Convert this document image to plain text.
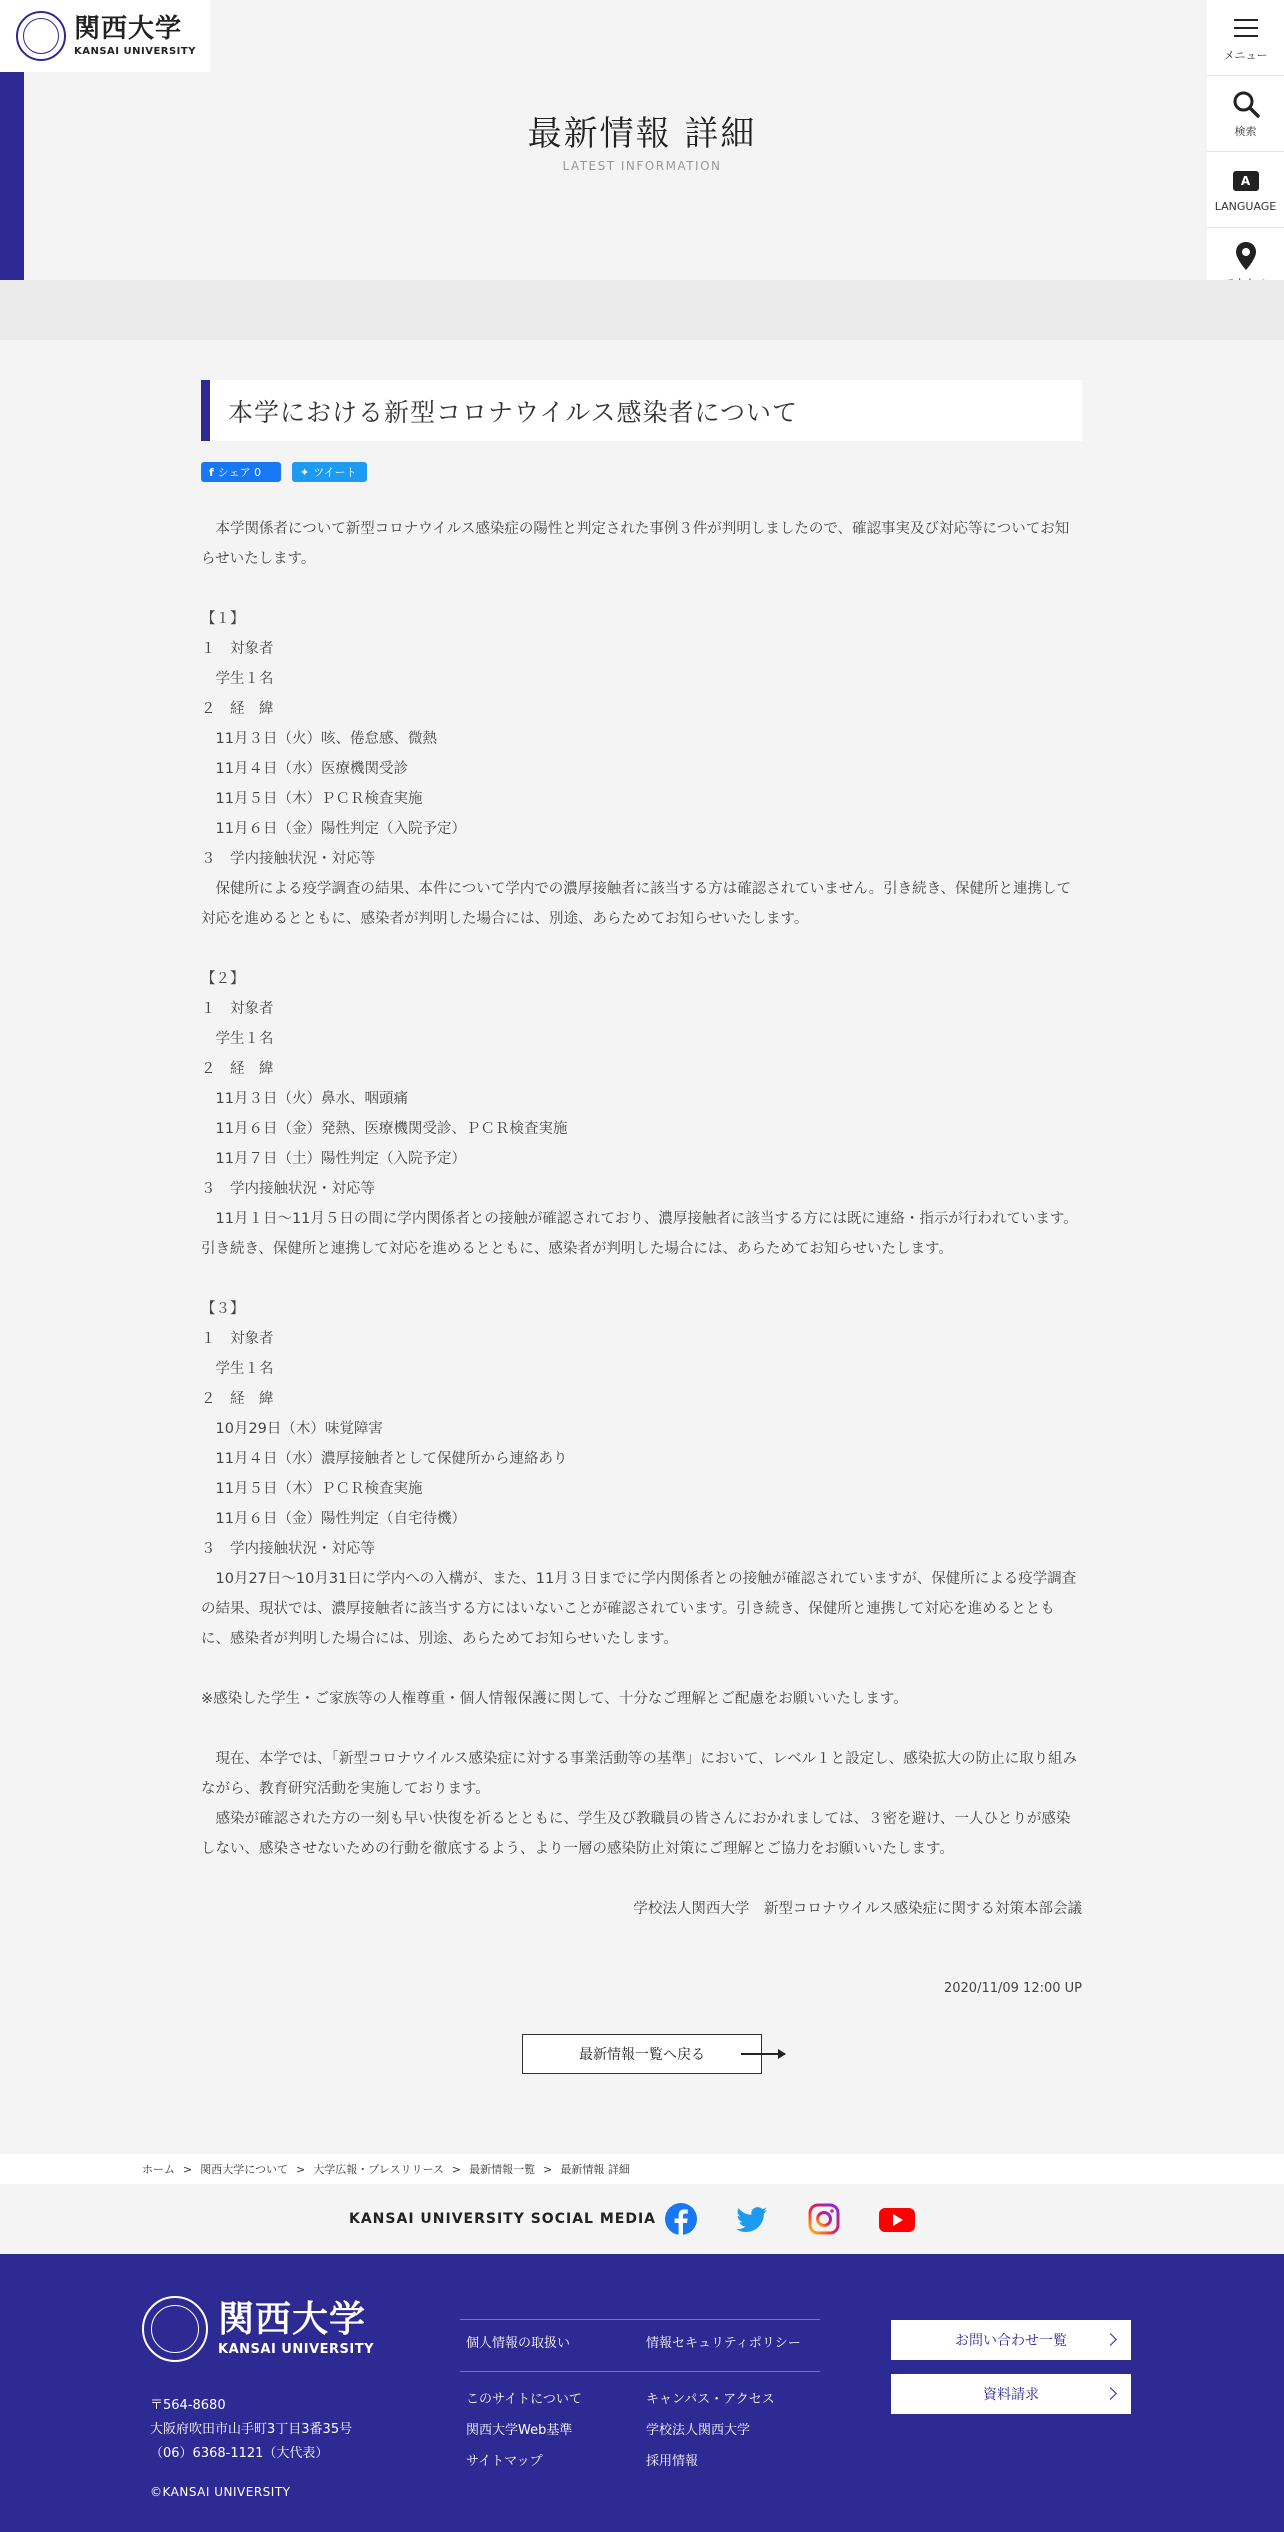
関西大学
KANSAI UNIVERSITY
最新情報 詳細
LATEST INFORMATION
メニュー
検索
A
LANGUAGE
本学における新型コロナウイルス感染者について
f シェア 0	✦ ツイート

　本学関係者について新型コロナウイルス感染症の陽性と判定された事例３件が判明しましたので、確認事実及び対応等についてお知らせいたします。

【１】

１　対象者

　学生１名

２　経　緯

　11月３日（火）咳、倦怠感、微熱

　11月４日（水）医療機関受診

　11月５日（木）ＰＣＲ検査実施

　11月６日（金）陽性判定（入院予定）

３　学内接触状況・対応等

　保健所による疫学調査の結果、本件について学内での濃厚接触者に該当する方は確認されていません。引き続き、保健所と連携して対応を進めるとともに、感染者が判明した場合には、別途、あらためてお知らせいたします。

【２】

１　対象者

　学生１名

２　経　緯

　11月３日（火）鼻水、咽頭痛

　11月６日（金）発熱、医療機関受診、ＰＣＲ検査実施

　11月７日（土）陽性判定（入院予定）

３　学内接触状況・対応等

　11月１日～11月５日の間に学内関係者との接触が確認されており、濃厚接触者に該当する方には既に連絡・指示が行われています。引き続き、保健所と連携して対応を進めるとともに、感染者が判明した場合には、あらためてお知らせいたします。

【３】

１　対象者

　学生１名

２　経　緯

　10月29日（木）味覚障害

　11月４日（水）濃厚接触者として保健所から連絡あり

　11月５日（木）ＰＣＲ検査実施

　11月６日（金）陽性判定（自宅待機）

３　学内接触状況・対応等

　10月27日～10月31日に学内への入構が、また、11月３日までに学内関係者との接触が確認されていますが、保健所による疫学調査の結果、現状では、濃厚接触者に該当する方にはいないことが確認されています。引き続き、保健所と連携して対応を進めるとともに、感染者が判明した場合には、別途、あらためてお知らせいたします。

※感染した学生・ご家族等の人権尊重・個人情報保護に関して、十分なご理解とご配慮をお願いいたします。

　現在、本学では、「新型コロナウイルス感染症に対する事業活動等の基準」において、レベル１と設定し、感染拡大の防止に取り組みながら、教育研究活動を実施しております。

　感染が確認された方の一刻も早い快復を祈るとともに、学生及び教職員の皆さんにおかれましては、３密を避け、一人ひとりが感染しない、感染させないための行動を徹底するよう、より一層の感染防止対策にご理解とご協力をお願いいたします。

学校法人関西大学　新型コロナウイルス感染症に関する対策本部会議

2020/11/09 12:00 UP

最新情報一覧へ戻る
ホーム > 関西大学について > 大学広報・プレスリリース > 最新情報一覧 > 最新情報 詳細
KANSAI UNIVERSITY SOCIAL MEDIA
関西大学
KANSAI UNIVERSITY
〒564-8680
大阪府吹田市山手町3丁目3番35号
（06）6368-1121（大代表）
©KANSAI UNIVERSITY
個人情報の取扱い	情報セキュリティポリシー
このサイトについて	キャンパス・アクセス
関西大学Web基準	学校法人関西大学
サイトマップ	採用情報
お問い合わせ一覧
資料請求
